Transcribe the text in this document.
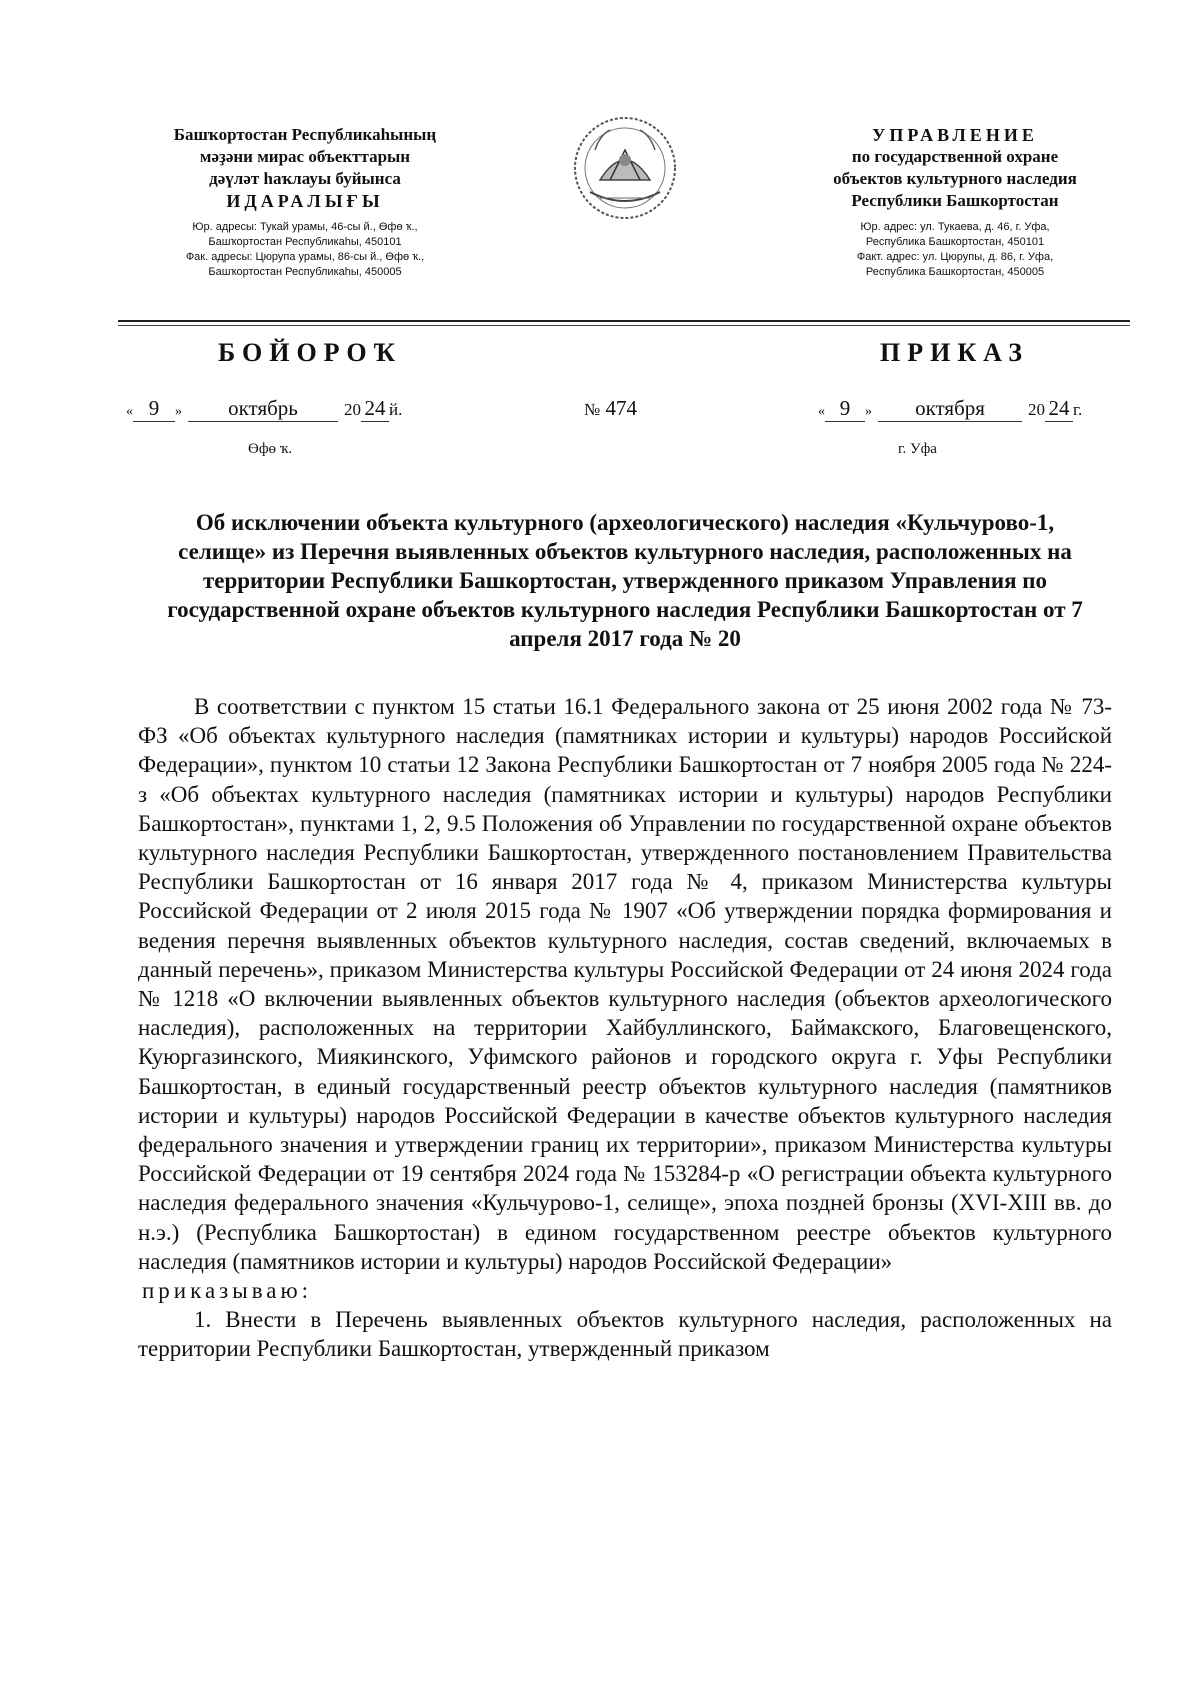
Башҡортостан Республикаһының
мәҙәни мирас объекттарын
дәүләт һаҡлауы буйынса
ИДАРАЛЫҒЫ
Юр. адресы: Тукай урамы, 46-сы й., Өфө ҡ.,
Башҡортостан Республикаһы, 450101
Фак. адресы: Цюрупа урамы, 86-сы й., Өфө ҡ.,
Башҡортостан Республикаһы, 450005
УПРАВЛЕНИЕ
по государственной охране
объектов культурного наследия
Республики Башкортостан
Юр. адрес: ул. Тукаева, д. 46, г. Уфа,
Республика Башкортостан, 450101
Факт. адрес: ул. Цюрупы, д. 86, г. Уфа,
Республика Башкортостан, 450005
БОЙОРОҠ	ПРИКАЗ
« 9 » октябрь	20 24 й.
Өфө ҡ.
№ 474	« 9 » октября	20 24 г.
г. Уфа
Об исключении объекта культурного (археологического) наследия «Кульчурово-1, селище» из Перечня выявленных объектов культурного наследия, расположенных на территории Республики Башкортостан, утвержденного приказом Управления по государственной охране объектов культурного наследия Республики Башкортостан от 7 апреля 2017 года № 20

В соответствии с пунктом 15 статьи 16.1 Федерального закона от 25 июня 2002 года № 73-ФЗ «Об объектах культурного наследия (памятниках истории и культуры) народов Российской Федерации», пунктом 10 статьи 12 Закона Республики Башкортостан от 7 ноября 2005 года № 224-з «Об объектах культурного наследия (памятниках истории и культуры) народов Республики Башкортостан», пунктами 1, 2, 9.5 Положения об Управлении по государственной охране объектов культурного наследия Республики Башкортостан, утвержденного постановлением Правительства Республики Башкортостан от 16 января 2017 года № 4, приказом Министерства культуры Российской Федерации от 2 июля 2015 года № 1907 «Об утверждении порядка формирования и ведения перечня выявленных объектов культурного наследия, состав сведений, включаемых в данный перечень», приказом Министерства культуры Российской Федерации от 24 июня 2024 года № 1218 «О включении выявленных объектов культурного наследия (объектов археологического наследия), расположенных на территории Хайбуллинского, Баймакского, Благовещенского, Куюргазинского, Миякинского, Уфимского районов и городского округа г. Уфы Республики Башкортостан, в единый государственный реестр объектов культурного наследия (памятников истории и культуры) народов Российской Федерации в качестве объектов культурного наследия федерального значения и утверждении границ их территории», приказом Министерства культуры Российской Федерации от 19 сентября 2024 года № 153284-р «О регистрации объекта культурного наследия федерального значения «Кульчурово-1, селище», эпоха поздней бронзы (XVI-XIII вв. до н.э.) (Республика Башкортостан) в едином государственном реестре объектов культурного наследия (памятников истории и культуры) народов Российской Федерации»

приказываю:

1. Внести в Перечень выявленных объектов культурного наследия, расположенных на территории Республики Башкортостан, утвержденный приказом
